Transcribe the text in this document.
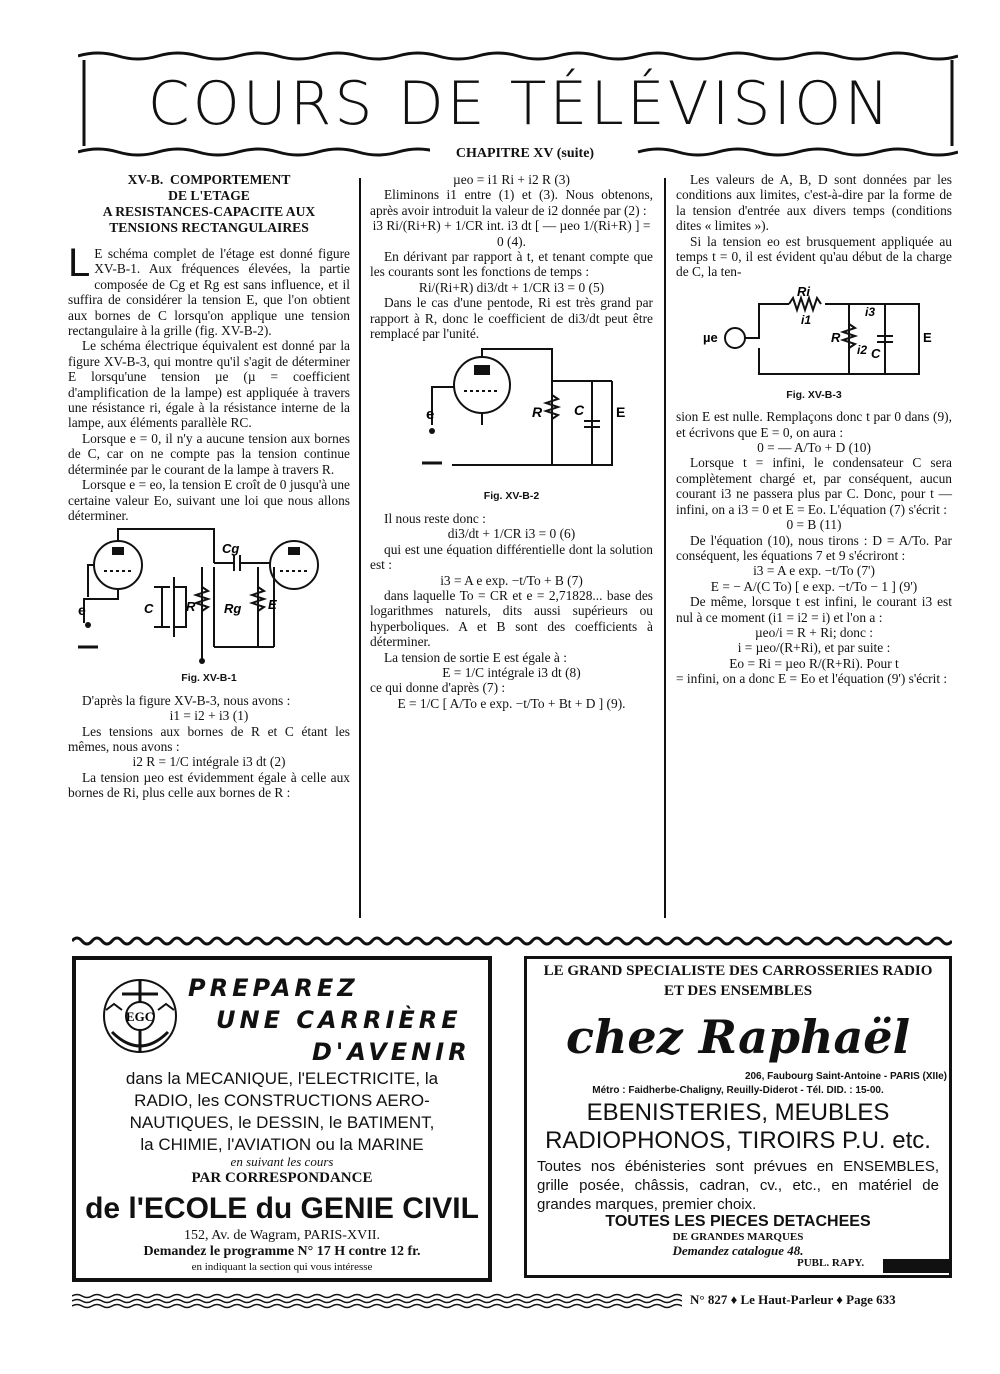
COURS DE TÉLÉVISION
CHAPITRE XV (suite)
XV-B. COMPORTEMENT
DE L'ETAGE
A RESISTANCES-CAPACITE AUX
TENSIONS RECTANGULAIRES

L E schéma complet de l'étage est donné figure XV-B-1. Aux fréquences élevées, la partie composée de Cg et Rg est sans influence, et il suffira de considérer la tension E, que l'on obtient aux bornes de C lorsqu'on applique une tension rectangulaire à la grille (fig. XV-B-2).

Le schéma électrique équivalent est donné par la figure XV-B-3, qui montre qu'il s'agit de déterminer E lorsqu'une tension µe (µ = coefficient d'amplification de la lampe) est appliquée à travers une résistance ri, égale à la résistance interne de la lampe, aux éléments parallèle RC.

Lorsque e = 0, il n'y a aucune tension aux bornes de C, car on ne compte pas la tension continue déterminée par le courant de la lampe à travers R.

Lorsque e = eo, la tension E croît de 0 jusqu'à une certaine valeur Eo, suivant une loi que nous allons déterminer.

Cg
C	R Rg E
e
Fig. XV-B-1

D'après la figure XV-B-3, nous avons :

i1 = i2 + i3 (1)

Les tensions aux bornes de R et C étant les mêmes, nous avons :

i2 R = 1/C intégrale i3 dt (2)

La tension µeo est évidemment égale à celle aux bornes de Ri, plus celle aux bornes de R :

µeo = i1 Ri + i2 R (3)

Eliminons i1 entre (1) et (3). Nous obtenons, après avoir introduit la valeur de i2 donnée par (2) :

i3 Ri/(Ri+R) + 1/CR int. i3 dt [ — µeo 1/(Ri+R) ] = 0 (4).

En dérivant par rapport à t, et tenant compte que les courants sont les fonctions de temps :

Ri/(Ri+R) di3/dt + 1/CR i3 = 0 (5)

Dans le cas d'une pentode, Ri est très grand par rapport à R, donc le coefficient de di3/dt peut être remplacé par l'unité.

R C E
e
Fig. XV-B-2

Il nous reste donc :

di3/dt + 1/CR i3 = 0 (6)

qui est une équation différentielle dont la solution est :

i3 = A e exp. −t/To + B (7)

dans laquelle To = CR et e = 2,71828... base des logarithmes naturels, dits aussi supérieurs ou hyperboliques. A et B sont des coefficients à déterminer.

La tension de sortie E est égale à :

E = 1/C intégrale i3 dt (8)

ce qui donne d'après (7) :

E = 1/C [ A/To e exp. −t/To + Bt + D ] (9).

Les valeurs de A, B, D sont données par les conditions aux limites, c'est-à-dire par la forme de la tension d'entrée aux divers temps (conditions dites « limites »).

Si la tension eo est brusquement appliquée au temps t = 0, il est évident qu'au début de la charge de C, la ten-

Ri
i1
i2
i3
R
C
E
µe
Fig. XV-B-3

sion E est nulle. Remplaçons donc t par 0 dans (9), et écrivons que E = 0, on aura :

0 = — A/To + D (10)

Lorsque t = infini, le condensateur C sera complètement chargé et, par conséquent, aucun courant i3 ne passera plus par C. Donc, pour t — infini, on a i3 = 0 et E = Eo. L'équation (7) s'écrit :

0 = B (11)

De l'équation (10), nous tirons : D = A/To. Par conséquent, les équations 7 et 9 s'écriront :

i3 = A e exp. −t/To (7')
E = − A/(C To) [ e exp. −t/To − 1 ] (9')

De même, lorsque t est infini, le courant i3 est nul à ce moment (i1 = i2 = i) et l'on a :

µeo/i = R + Ri; donc :
i = µeo/(R+Ri), et par suite :
Eo = Ri = µeo R/(R+Ri). Pour t

= infini, on a donc E = Eo et l'équation (9') s'écrit :

EGC
PREPAREZ
UNE CARRIÈRE
D'AVENIR
dans la MECANIQUE, l'ELECTRICITE, la
RADIO, les CONSTRUCTIONS AERO-
NAUTIQUES, le DESSIN, le BATIMENT,
la CHIMIE, l'AVIATION ou la MARINE
en suivant les cours
PAR CORRESPONDANCE
de l'ECOLE du GENIE CIVIL
152, Av. de Wagram, PARIS-XVII.
Demandez le programme N° 17 H contre 12 fr.
en indiquant la section qui vous intéresse
LE GRAND SPECIALISTE DES CARROSSERIES RADIO
ET DES ENSEMBLES
chez Raphaël
206, Faubourg Saint-Antoine - PARIS (XIIe)
Métro : Faidherbe-Chaligny, Reuilly-Diderot - Tél. DID. : 15-00.
EBENISTERIES, MEUBLES
RADIOPHONOS, TIROIRS P.U. etc.
Toutes nos ébénisteries sont prévues en ENSEMBLES, grille posée, châssis, cadran, cv., etc., en matériel de grandes marques, premier choix.
TOUTES LES PIECES DETACHEES
DE GRANDES MARQUES
Demandez catalogue 48.
PUBL. RAPY.
N° 827 ♦ Le Haut-Parleur ♦ Page 633
